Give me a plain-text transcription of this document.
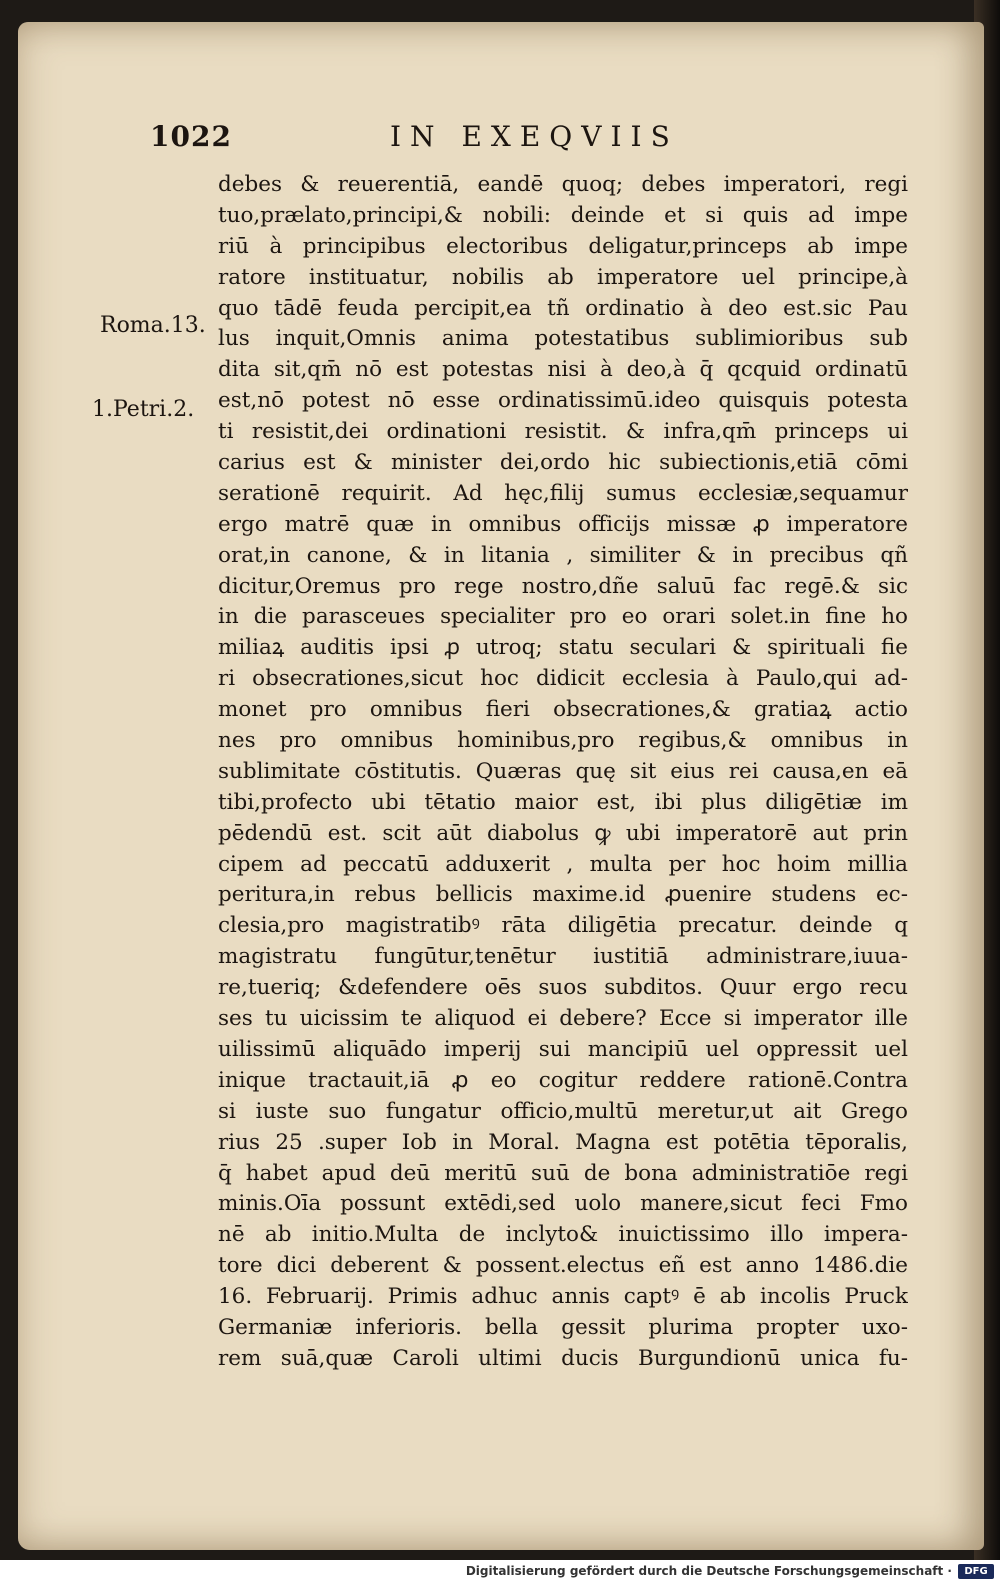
1022	IN EXEQVIIS
Roma.13.
1.Petri.2.
debes & reuerentiā, eandē quoq; debes imperatori, regi
tuo,prælato,principi,& nobili: deinde et si quis ad impe
riū à principibus electoribus deligatur,princeps ab impe
ratore instituatur, nobilis ab imperatore uel principe,à
quo tādē feuda percipit,ea tñ ordinatio à deo est.sic Pau
lus inquit,Omnis anima potestatibus sublimioribus sub
dita sit,qm̄ nō est potestas nisi à deo,à q̄ qcquid ordinatū
est,nō potest nō esse ordinatissimū.ideo quisquis potesta
ti resistit,dei ordinationi resistit. & infra,qm̄ princeps ui
carius est & minister dei,ordo hic subiectionis,etiā cōmi
serationē requirit. Ad hęc,filij sumus ecclesiæ,sequamur
ergo matrē quæ in omnibus officijs missæ ꝓ imperatore
orat,in canone, & in litania , similiter & in precibus qñ
dicitur,Oremus pro rege nostro,dñe saluū fac regē.& sic
in die parasceues specialiter pro eo orari solet.in fine ho
miliaꝝ auditis ipsi ꝓ utroq; statu seculari & spirituali fie
ri obsecrationes,sicut hoc didicit ecclesia à Paulo,qui ad-
monet pro omnibus fieri obsecrationes,& gratiaꝝ actio
nes pro omnibus hominibus,pro regibus,& omnibus in
sublimitate cōstitutis. Quæras quę sit eius rei causa,en eā
tibi,profecto ubi tētatio maior est, ibi plus diligētiæ im
pēdendū est. scit aūt diabolus ꝙ ubi imperatorē aut prin
cipem ad peccatū adduxerit , multa per hoc hoim millia
peritura,in rebus bellicis maxime.id ꝓuenire studens ec-
clesia,pro magistratibꝰ rāta diligētia precatur. deinde q
magistratu fungūtur,tenētur iustitiā administrare,iuua-
re,tueriq; &defendere oēs suos subditos. Quur ergo recu
ses tu uicissim te aliquod ei debere? Ecce si imperator ille
uilissimū aliquādo imperij sui mancipiū uel oppressit uel
inique tractauit,iā ꝓ eo cogitur reddere rationē.Contra
si iuste suo fungatur officio,multū meretur,ut ait Grego
rius 25 .super Iob in Moral. Magna est potētia tēporalis,
q̄ habet apud deū meritū suū de bona administratiōe regi
minis.Oīa possunt extēdi,sed uolo manere,sicut feci Fmo
nē ab initio.Multa de inclyto& inuictissimo illo impera-
tore dici deberent & possent.electus eñ est anno 1486.die
16. Februarij. Primis adhuc annis captꝰ ē ab incolis Pruck
Germaniæ inferioris. bella gessit plurima propter uxo-
rem suā,quæ Caroli ultimi ducis Burgundionū unica fu-
Digitalisierung gefördert durch die Deutsche Forschungsgemeinschaft ·	DFG
